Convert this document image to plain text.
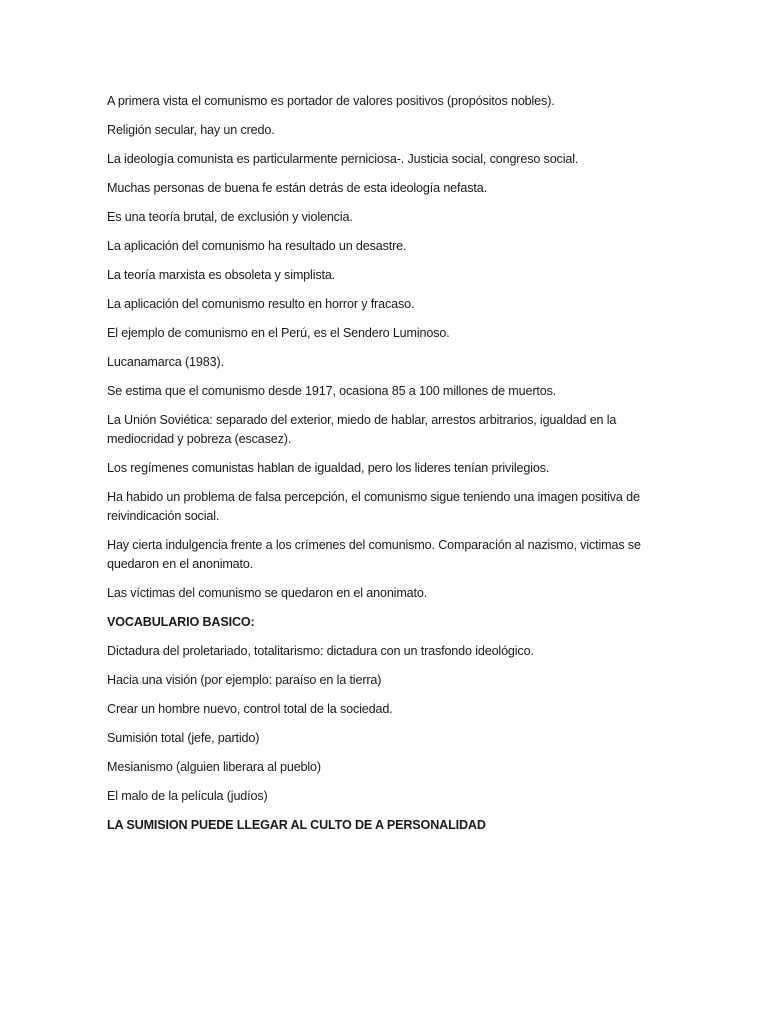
A primera vista el comunismo es portador de valores positivos (propósitos nobles).

Religión secular, hay un credo.

La ideología comunista es particularmente perniciosa-. Justicia social, congreso social.

Muchas personas de buena fe están detrás de esta ideología nefasta.

Es una teoría brutal, de exclusión y violencia.

La aplicación del comunismo ha resultado un desastre.

La teoría marxista es obsoleta y simplista.

La aplicación del comunismo resulto en horror y fracaso.

El ejemplo de comunismo en el Perú, es el Sendero Luminoso.

Lucanamarca (1983).

Se estima que el comunismo desde 1917, ocasiona 85 a 100 millones de muertos.

La Unión Soviética: separado del exterior, miedo de hablar, arrestos arbitrarios, igualdad en la mediocridad y pobreza (escasez).

Los regímenes comunistas hablan de igualdad, pero los lideres tenían privilegios.

Ha habido un problema de falsa percepción, el comunismo sigue teniendo una imagen positiva de reivindicación social.

Hay cierta indulgencia frente a los crímenes del comunismo. Comparación al nazismo, victimas se quedaron en el anonimato.

Las víctimas del comunismo se quedaron en el anonimato.

VOCABULARIO BASICO:

Dictadura del proletariado, totalitarismo: dictadura con un trasfondo ideológico.

Hacia una visión (por ejemplo: paraíso en la tierra)

Crear un hombre nuevo, control total de la sociedad.

Sumisión total (jefe, partido)

Mesianismo (alguien liberara al pueblo)

El malo de la película (judíos)

LA SUMISION PUEDE LLEGAR AL CULTO DE A PERSONALIDAD
